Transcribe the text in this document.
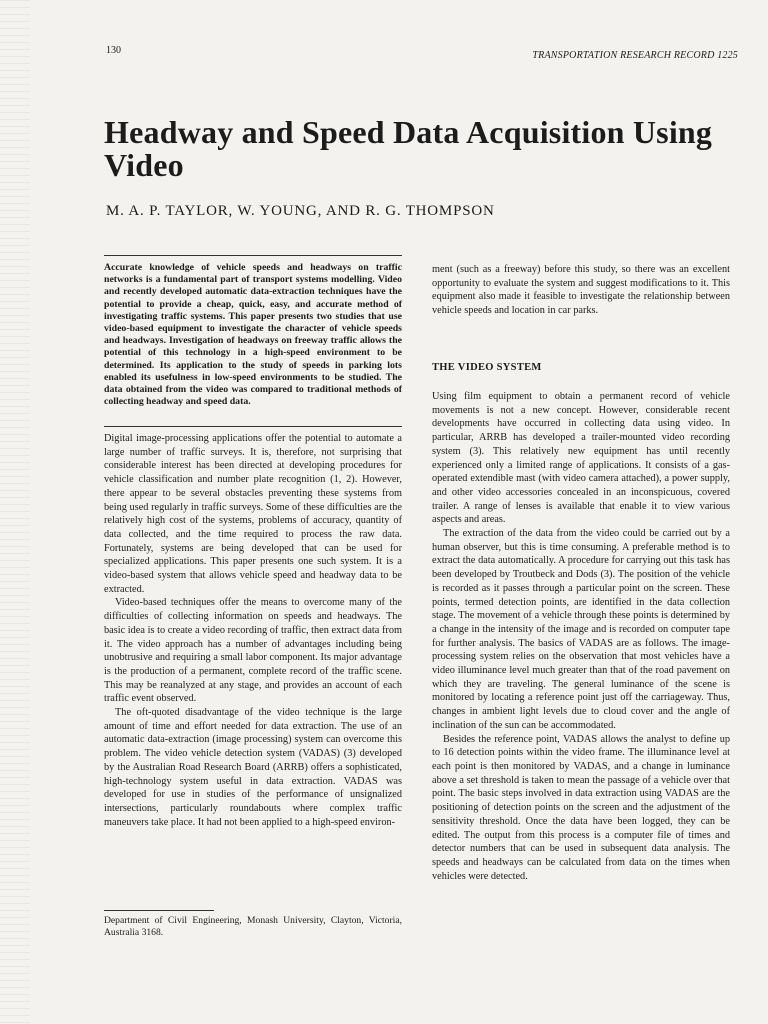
130	TRANSPORTATION RESEARCH RECORD 1225
Headway and Speed Data Acquisition Using Video
M. A. P. TAYLOR, W. YOUNG, AND R. G. THOMPSON

Accurate knowledge of vehicle speeds and headways on traffic networks is a fundamental part of transport systems modelling. Video and recently developed automatic data-extraction techniques have the potential to provide a cheap, quick, easy, and accurate method of investigating traffic systems. This paper presents two studies that use video-based equipment to investigate the character of vehicle speeds and headways. Investigation of headways on freeway traffic allows the potential of this technology in a high-speed environment to be determined. Its application to the study of speeds in parking lots enabled its usefulness in low-speed environments to be studied. The data obtained from the video was compared to traditional methods of collecting headway and speed data.

Digital image-processing applications offer the potential to automate a large number of traffic surveys. It is, therefore, not surprising that considerable interest has been directed at developing procedures for vehicle classification and number plate recognition (1, 2). However, there appear to be several obstacles preventing these systems from being used regularly in traffic surveys. Some of these difficulties are the relatively high cost of the systems, problems of accuracy, quantity of data collected, and the time required to process the raw data. Fortunately, systems are being developed that can be used for specialized applications. This paper presents one such system. It is a video-based system that allows vehicle speed and headway data to be extracted.

Video-based techniques offer the means to overcome many of the difficulties of collecting information on speeds and headways. The basic idea is to create a video recording of traffic, then extract data from it. The video approach has a number of advantages including being unobtrusive and requiring a small labor component. Its major advantage is the production of a permanent, complete record of the traffic scene. This may be reanalyzed at any stage, and provides an account of each traffic event observed.

The oft-quoted disadvantage of the video technique is the large amount of time and effort needed for data extraction. The use of an automatic data-extraction (image processing) system can overcome this problem. The video vehicle detection system (VADAS) (3) developed by the Australian Road Research Board (ARRB) offers a sophisticated, high-technology system useful in data extraction. VADAS was developed for use in studies of the performance of unsignalized intersections, particularly roundabouts where complex traffic maneuvers take place. It had not been applied to a high-speed environ-

ment (such as a freeway) before this study, so there was an excellent opportunity to evaluate the system and suggest modifications to it. This equipment also made it feasible to investigate the relationship between vehicle speeds and location in car parks.

THE VIDEO SYSTEM

Using film equipment to obtain a permanent record of vehicle movements is not a new concept. However, considerable recent developments have occurred in collecting data using video. In particular, ARRB has developed a trailer-mounted video recording system (3). This relatively new equipment has until recently experienced only a limited range of applications. It consists of a gas-operated extendible mast (with video camera attached), a power supply, and other video accessories concealed in an inconspicuous, covered trailer. A range of lenses is available that enable it to view various aspects and areas.

The extraction of the data from the video could be carried out by a human observer, but this is time consuming. A preferable method is to extract the data automatically. A procedure for carrying out this task has been developed by Troutbeck and Dods (3). The position of the vehicle is recorded as it passes through a particular point on the screen. These points, termed detection points, are identified in the data collection stage. The movement of a vehicle through these points is determined by a change in the intensity of the image and is recorded on computer tape for further analysis. The basics of VADAS are as follows. The image-processing system relies on the observation that most vehicles have a video illuminance level much greater than that of the road pavement on which they are traveling. The general luminance of the scene is monitored by locating a reference point just off the carriageway. Thus, changes in ambient light levels due to cloud cover and the angle of inclination of the sun can be accommodated.

Besides the reference point, VADAS allows the analyst to define up to 16 detection points within the video frame. The illuminance level at each point is then monitored by VADAS, and a change in luminance above a set threshold is taken to mean the passage of a vehicle over that point. The basic steps involved in data extraction using VADAS are the positioning of detection points on the screen and the adjustment of the sensitivity threshold. Once the data have been logged, they can be edited. The output from this process is a computer file of times and detector numbers that can be used in subsequent data analysis. The speeds and headways can be calculated from data on the times when vehicles were detected.

Department of Civil Engineering, Monash University, Clayton, Victoria, Australia 3168.
